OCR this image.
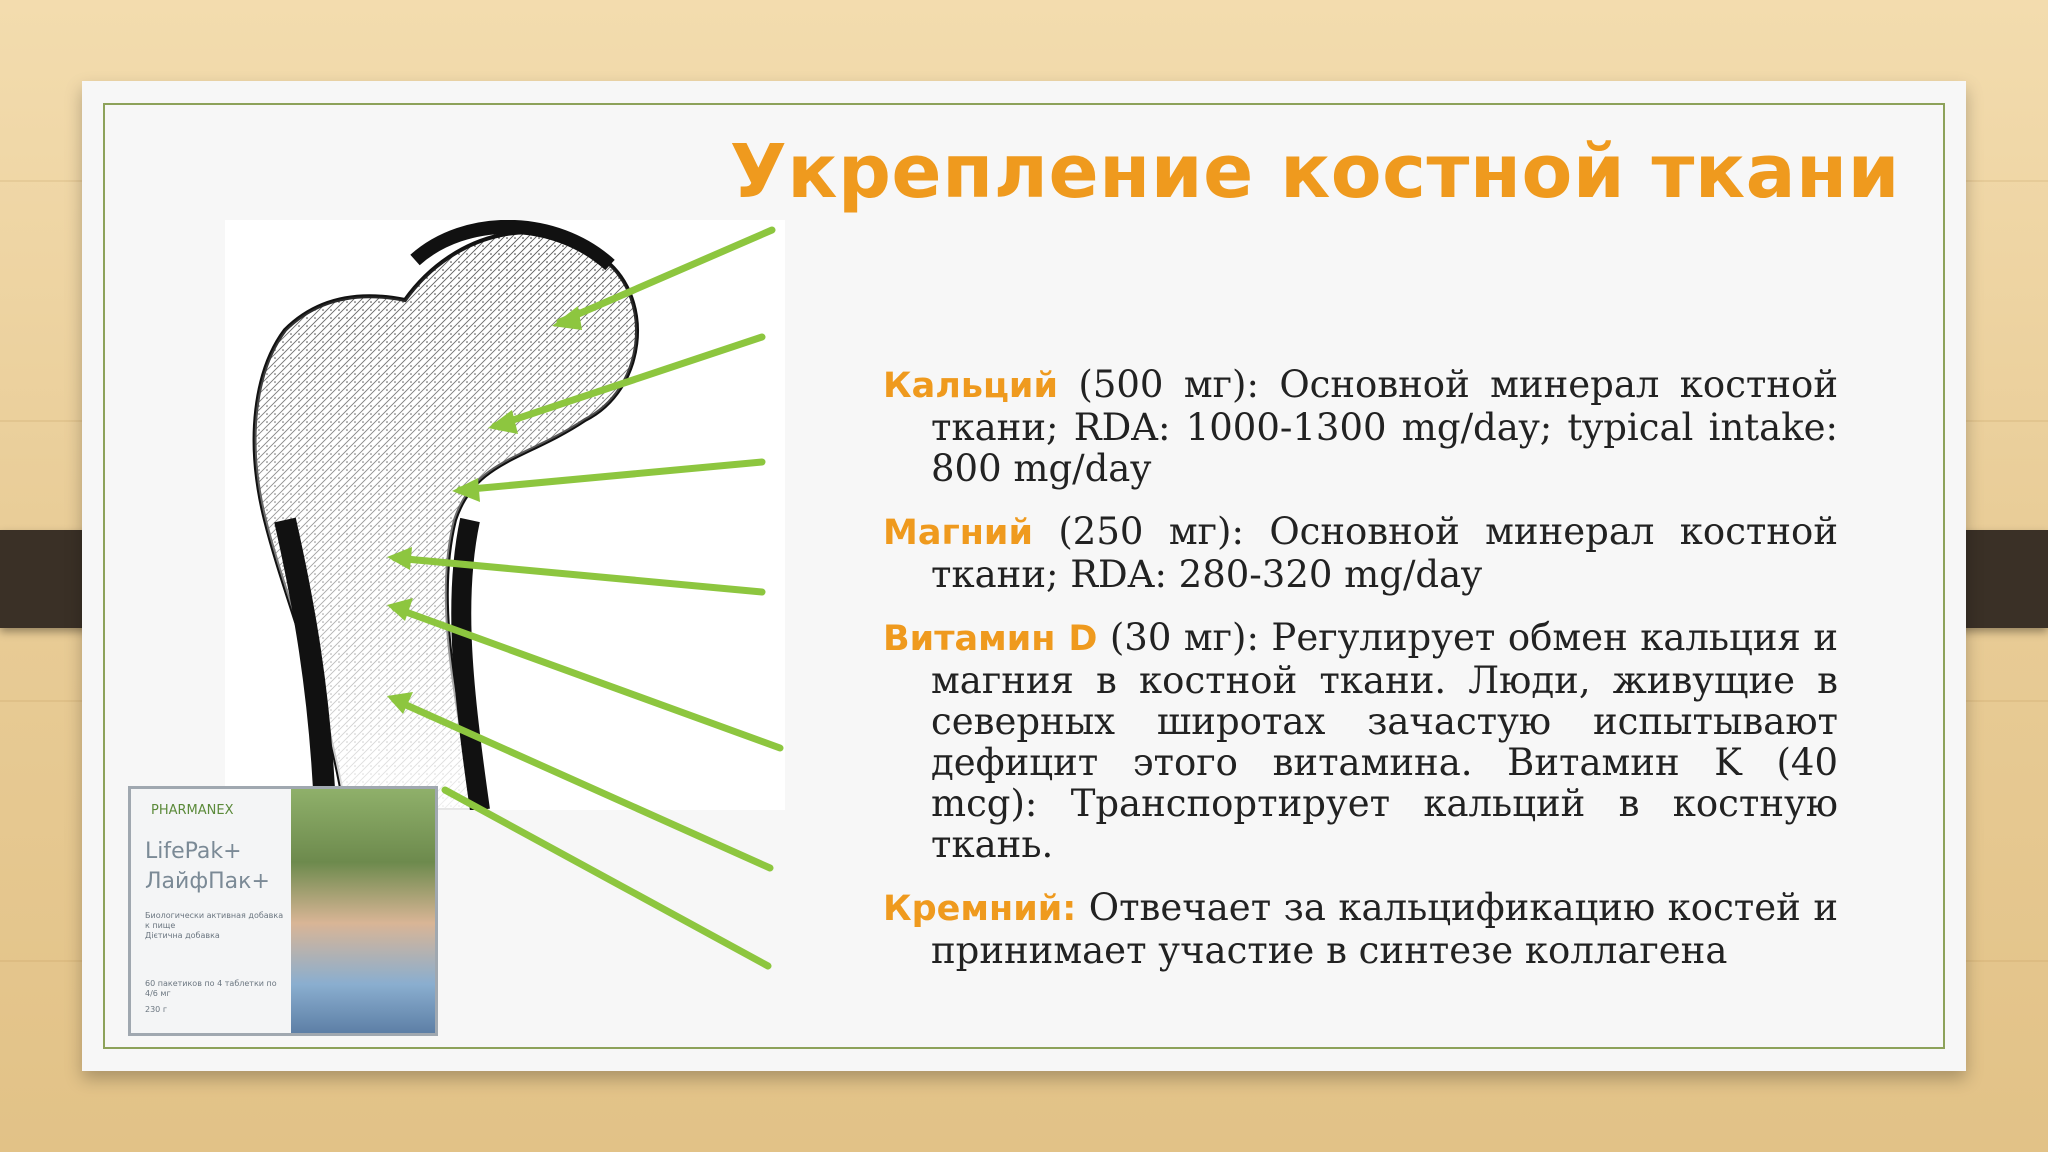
Укрепление костной ткани

Кальций (500 мг): Основной минерал костной ткани; RDA: 1000-1300 mg/day; typical intake: 800 mg/day

Магний (250 мг): Основной минерал костной ткани; RDA: 280-320 mg/day

Витамин D (30 мг): Регулирует обмен кальция и магния в костной ткани. Люди, живущие в северных широтах зачастую испытывают дефицит этого витамина. Витамин K (40 mcg): Транспортирует кальций в костную ткань.

Кремний: Отвечает за кальцификацию костей и принимает участие в синтезе коллагена

PHARMANEX
LifePak+
ЛайфПак+
Биологически активная добавка к пище
Дієтична добавка
60 пакетиков по 4 таблетки по 4/6 мг
230 г
